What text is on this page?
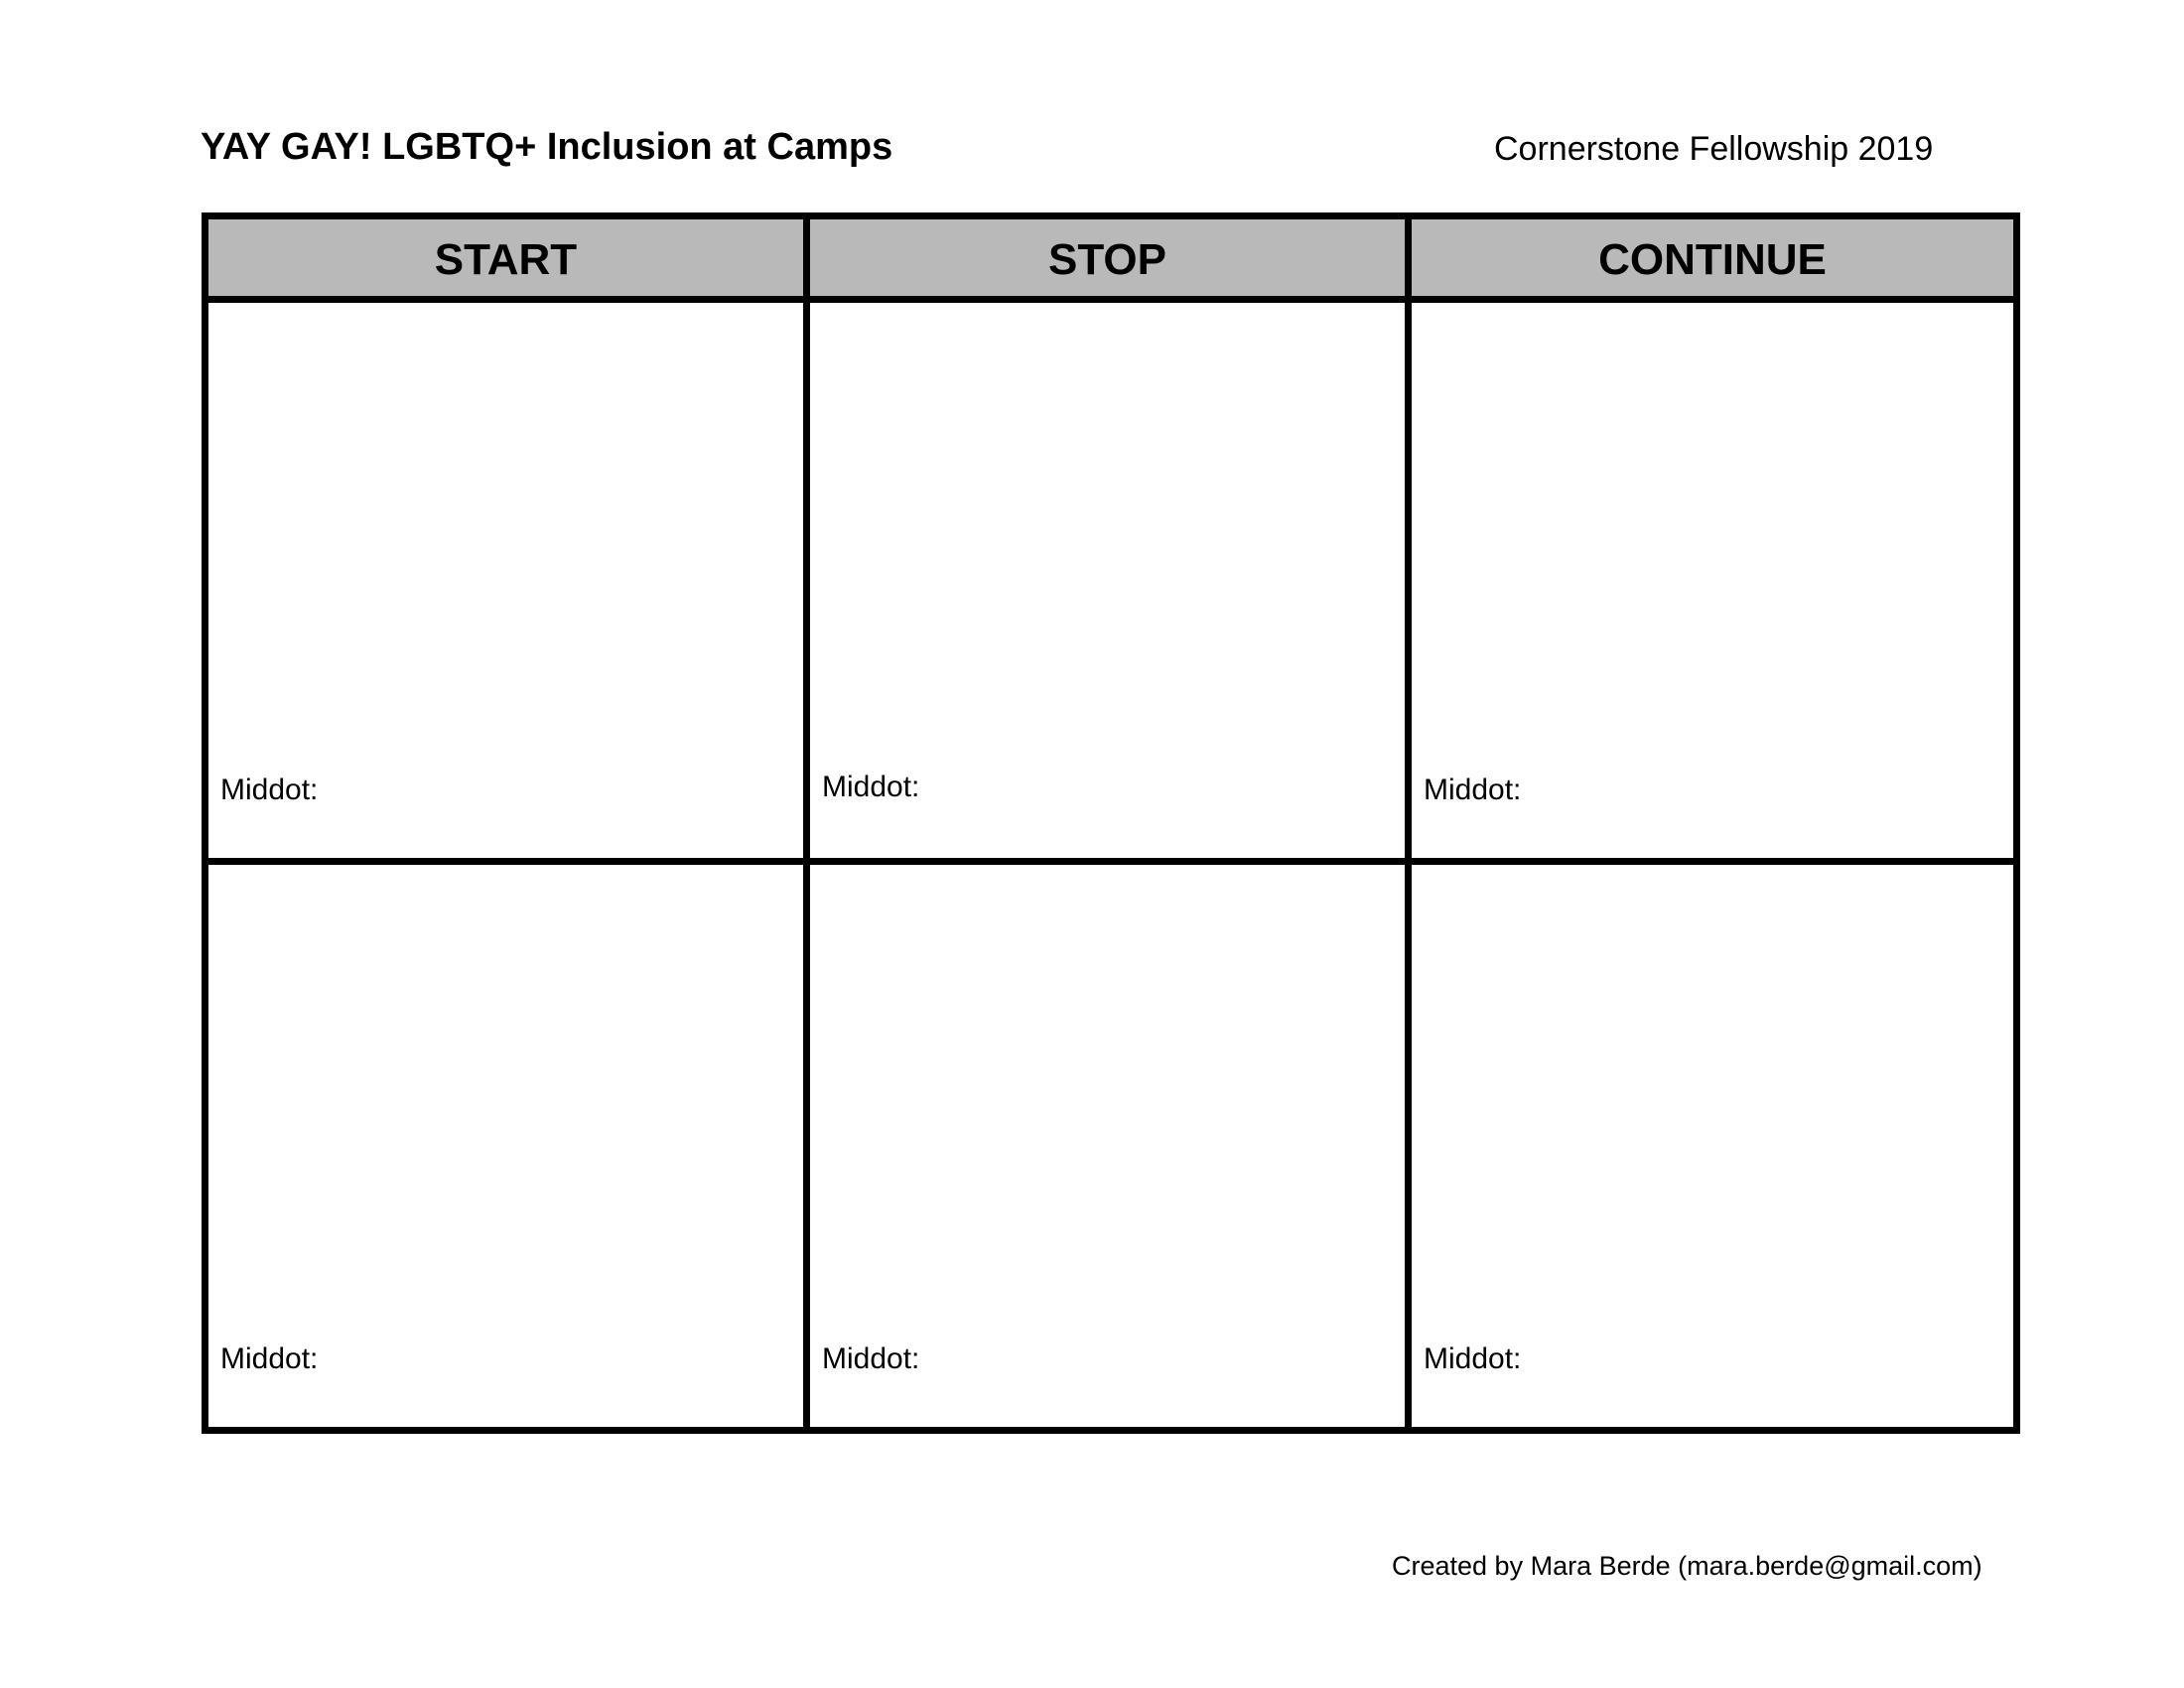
YAY GAY! LGBTQ+ Inclusion at Camps	Cornerstone Fellowship 2019
START	STOP	CONTINUE
Middot:	Middot:	Middot:
Middot:	Middot:	Middot:
Created by Mara Berde (mara.berde@gmail.com)
